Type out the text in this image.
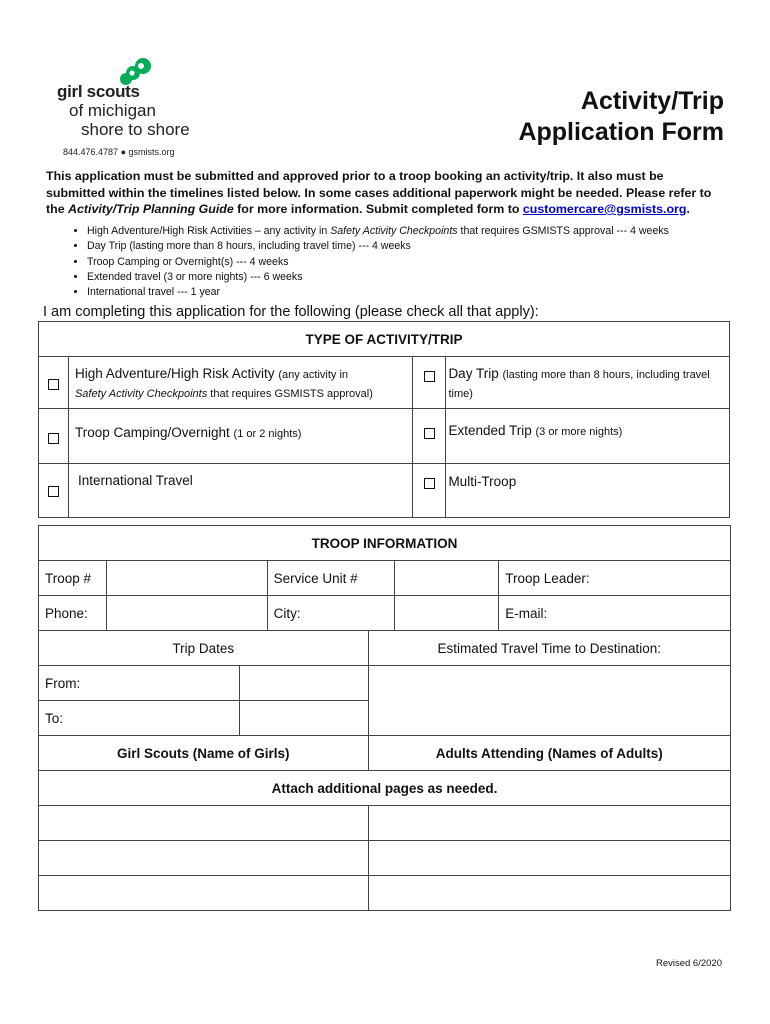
girl scouts
of michigan
shore to shore
844.476.4787 ● gsmists.org
Activity/Trip
Application Form
This application must be submitted and approved prior to a troop booking an activity/trip. It also must be submitted within the timelines listed below. In some cases additional paperwork might be needed. Please refer to the Activity/Trip Planning Guide for more information. Submit completed form to customercare@gsmists.org.
• High Adventure/High Risk Activities – any activity in Safety Activity Checkpoints that requires GSMISTS approval --- 4 weeks
• Day Trip (lasting more than 8 hours, including travel time) --- 4 weeks
• Troop Camping or Overnight(s) --- 4 weeks
• Extended travel (3 or more nights) --- 6 weeks
• International travel --- 1 year
I am completing this application for the following (please check all that apply):
TYPE OF ACTIVITY/TRIP			
	High Adventure/High Risk Activity (any activity in
Safety Activity Checkpoints that requires GSMISTS approval)		Day Trip (lasting more than 8 hours, including travel time)
	Troop Camping/Overnight (1 or 2 nights)		Extended Trip (3 or more nights)
	International Travel		Multi-Troop
TROOP INFORMATION						
Troop #			Service Unit #			Troop Leader:
Phone:			City:			E-mail:
Trip Dates				Estimated Travel Time to Destination:		
From:						
To:						
Girl Scouts (Name of Girls)				Adults Attending (Names of Adults)		
Attach additional pages as needed.						

Revised 6/2020
